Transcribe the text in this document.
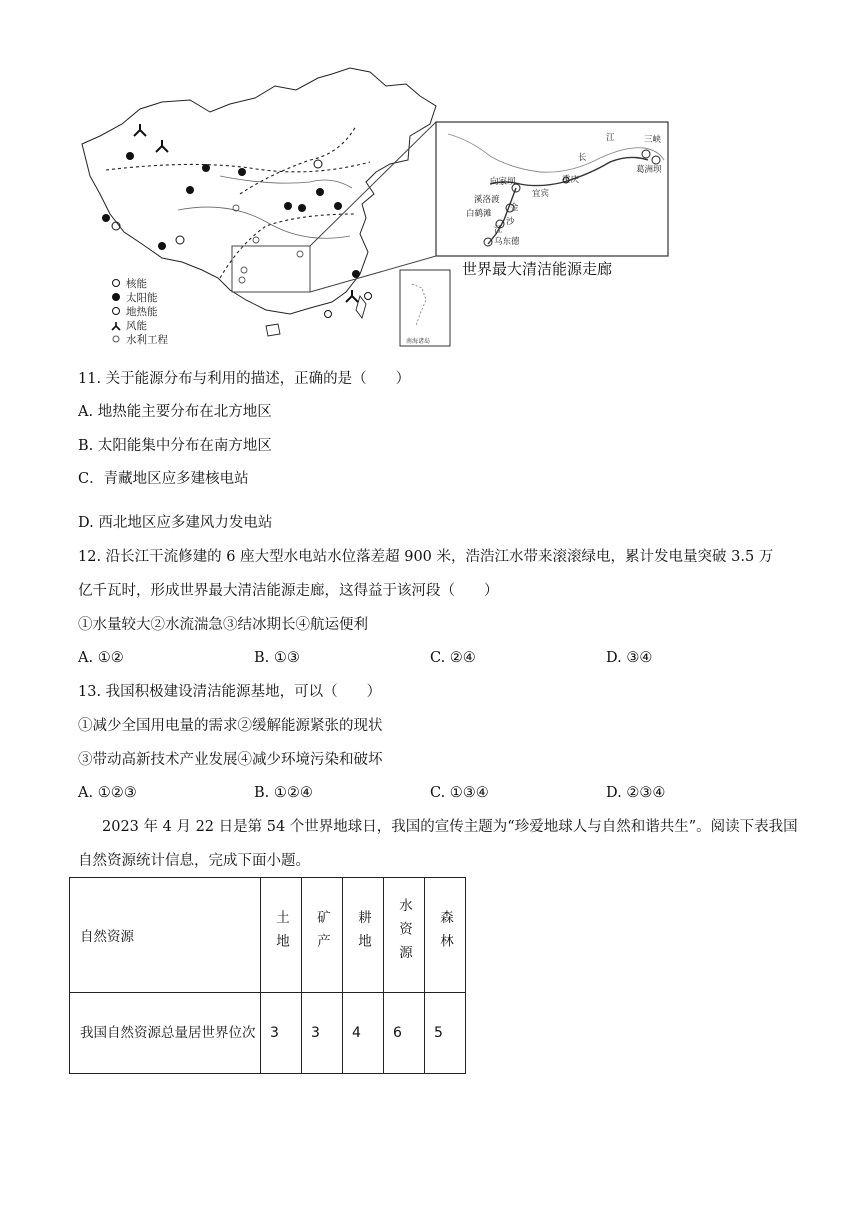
核能
太阳能
地热能
风能
水利工程	南海诸岛
江
长
三峡
葛洲坝
向家坝	重庆
溪洛渡
宜宾
白鹤滩
金
沙
江
乌东德
世界最大清洁能源走廊
11. 关于能源分布与利用的描述，正确的是（　　）
A. 地热能主要分布在北方地区
B. 太阳能集中分布在南方地区
C．青藏地区应多建核电站
D. 西北地区应多建风力发电站
12. 沿长江干流修建的 6 座大型水电站水位落差超 900 米，浩浩江水带来滚滚绿电，累计发电量突破 3.5 万
亿千瓦时，形成世界最大清洁能源走廊，这得益于该河段（　　）
①水量较大②水流湍急③结冰期长④航运便利
A. ①②	B. ①③	C. ②④	D. ③④
13. 我国积极建设清洁能源基地，可以（　　）
①减少全国用电量的需求②缓解能源紧张的现状
③带动高新技术产业发展④减少环境污染和破坏
A. ①②③	B. ①②④	C. ①③④	D. ②③④
2023 年 4 月 22 日是第 54 个世界地球日，我国的宣传主题为“珍爱地球人与自然和谐共生”。阅读下表我国自然资源统计信息，完成下面小题。
自然资源	土地	矿产	耕地	水资源	森林
我国自然资源总量居世界位次	3	3	4	6	5
